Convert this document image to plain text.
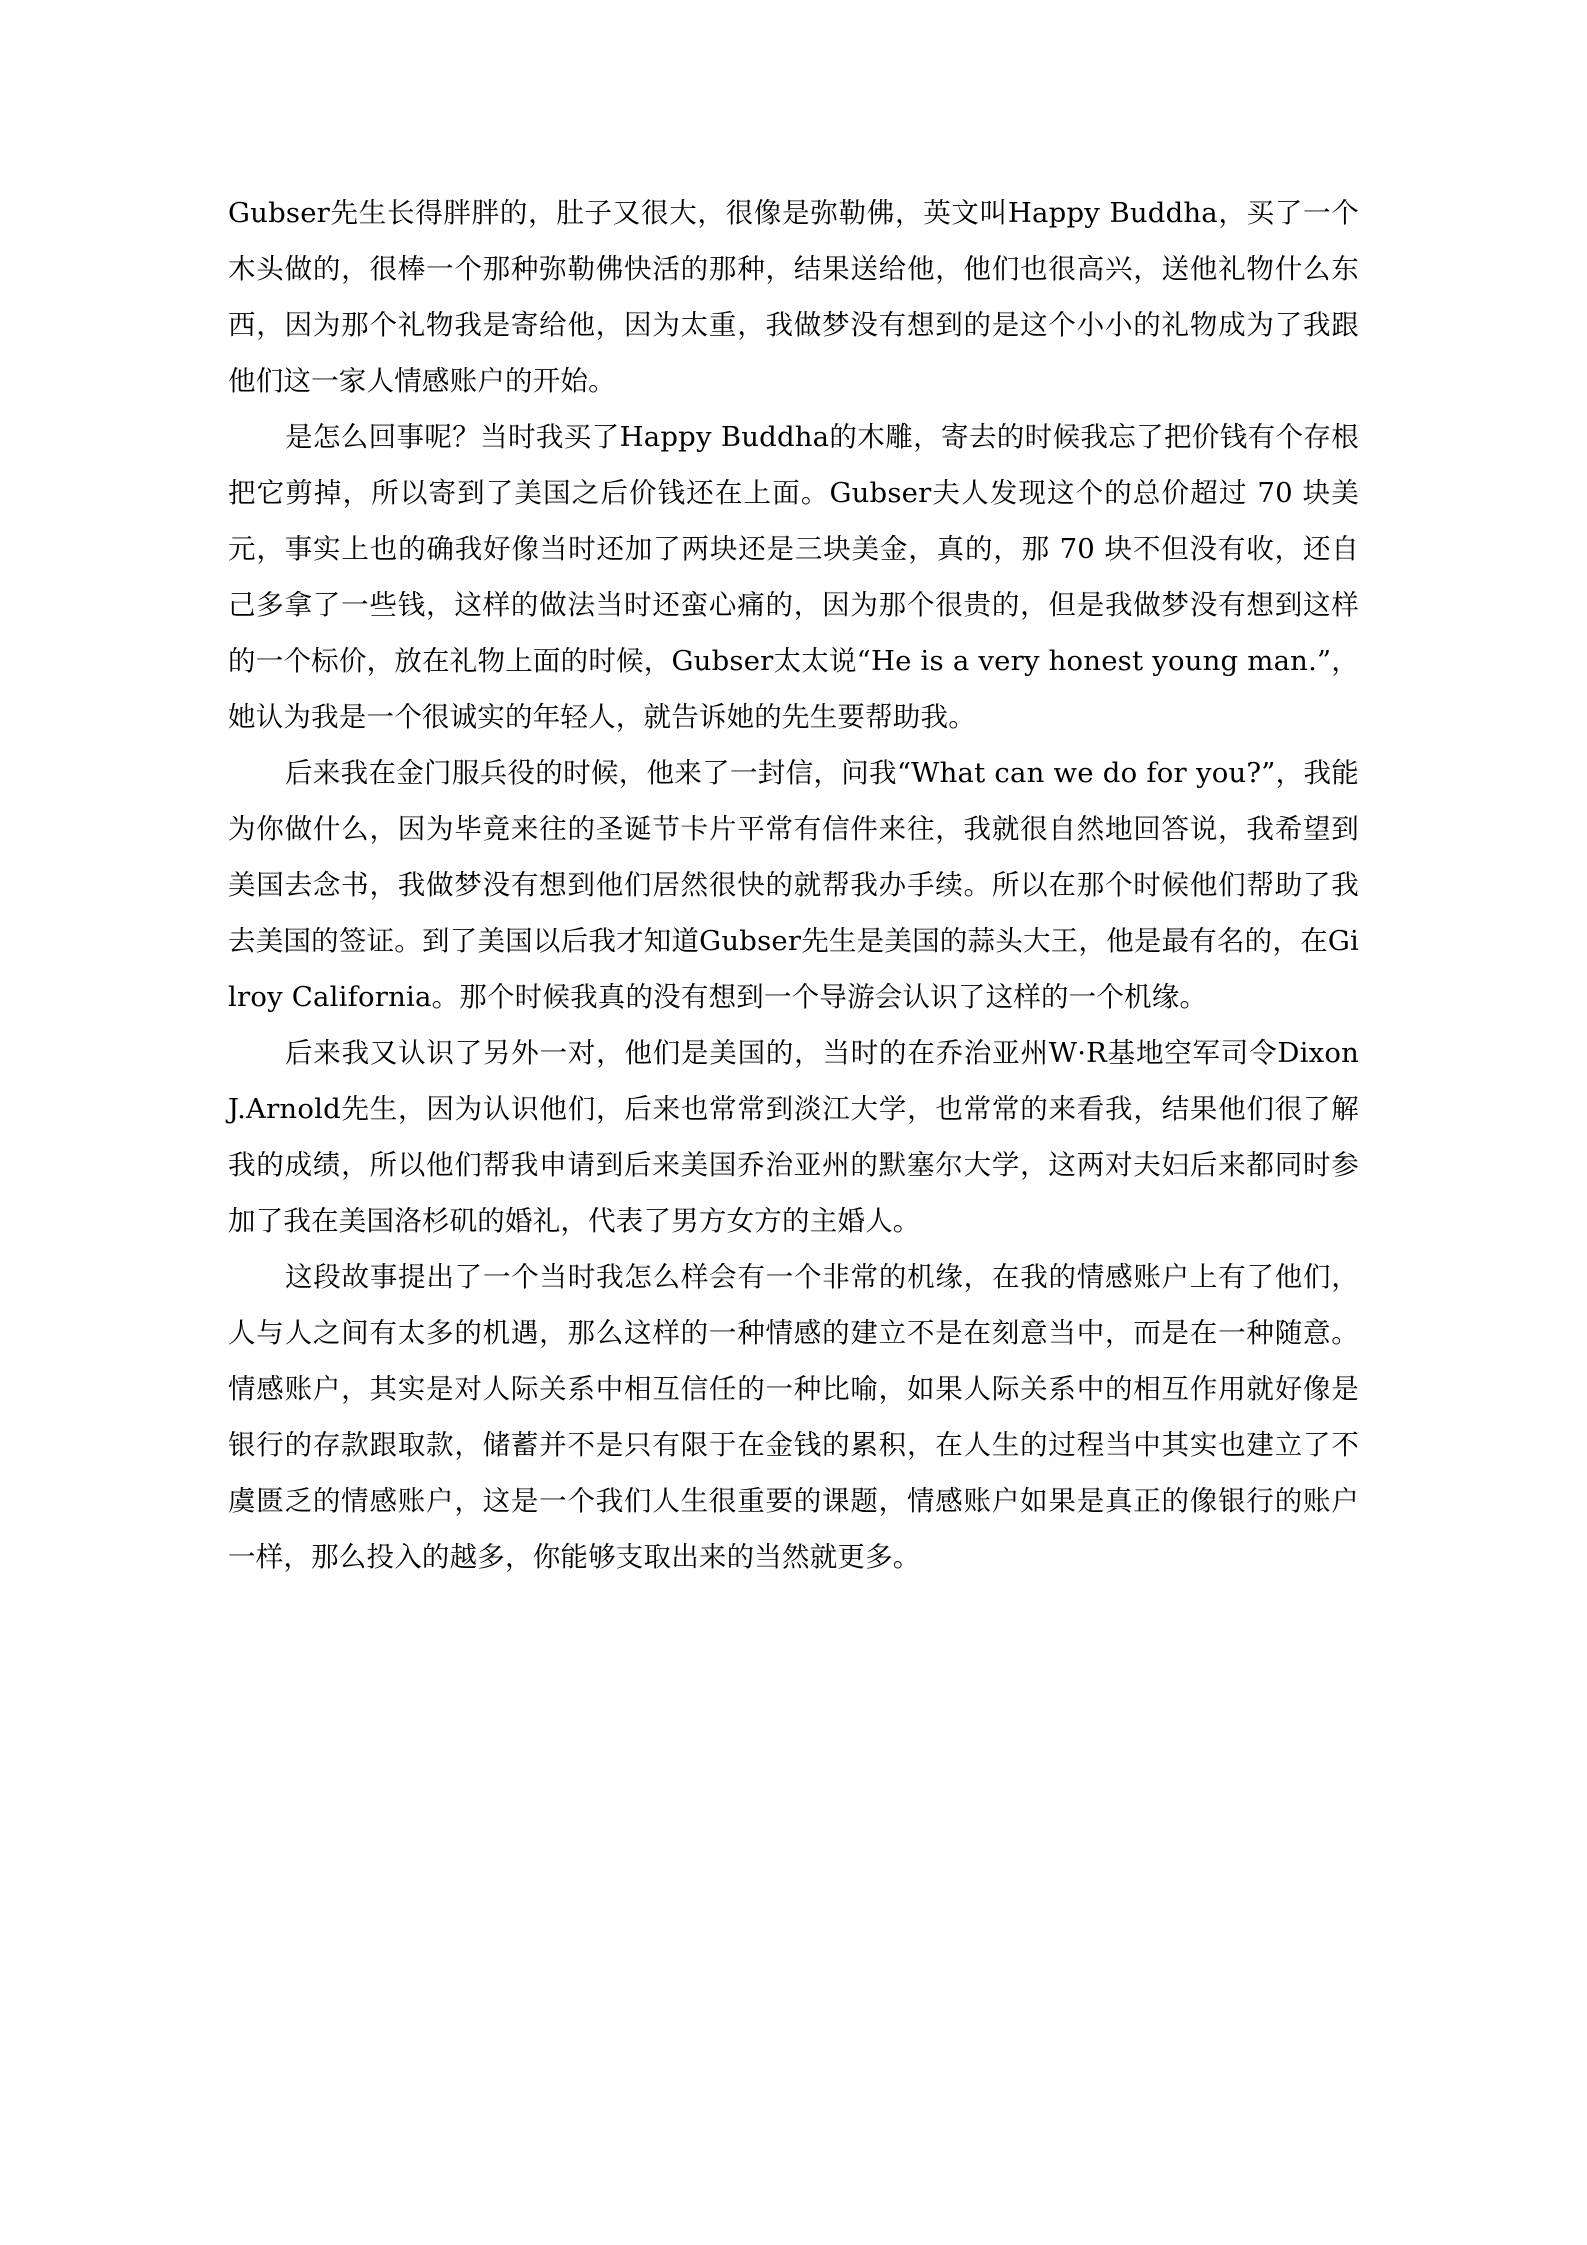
Gubser先生长得胖胖的，肚子又很大，很像是弥勒佛，英文叫Happy Buddha，买了一个木头做的，很棒一个那种弥勒佛快活的那种，结果送给他，他们也很高兴，送他礼物什么东西，因为那个礼物我是寄给他，因为太重，我做梦没有想到的是这个小小的礼物成为了我跟他们这一家人情感账户的开始。

是怎么回事呢？当时我买了Happy Buddha的木雕，寄去的时候我忘了把价钱有个存根把它剪掉，所以寄到了美国之后价钱还在上面。Gubser夫人发现这个的总价超过 70 块美元，事实上也的确我好像当时还加了两块还是三块美金，真的，那 70 块不但没有收，还自己多拿了一些钱，这样的做法当时还蛮心痛的，因为那个很贵的，但是我做梦没有想到这样的一个标价，放在礼物上面的时候，Gubser太太说“He is a very honest young man.”，她认为我是一个很诚实的年轻人，就告诉她的先生要帮助我。

后来我在金门服兵役的时候，他来了一封信，问我“What can we do for you?”，我能为你做什么，因为毕竟来往的圣诞节卡片平常有信件来往，我就很自然地回答说，我希望到美国去念书，我做梦没有想到他们居然很快的就帮我办手续。所以在那个时候他们帮助了我去美国的签证。到了美国以后我才知道Gubser先生是美国的蒜头大王，他是最有名的，在Gilroy California。那个时候我真的没有想到一个导游会认识了这样的一个机缘。

后来我又认识了另外一对，他们是美国的，当时的在乔治亚州W·R基地空军司令Dixon J.Arnold先生，因为认识他们，后来也常常到淡江大学，也常常的来看我，结果他们很了解我的成绩，所以他们帮我申请到后来美国乔治亚州的默塞尔大学，这两对夫妇后来都同时参加了我在美国洛杉矶的婚礼，代表了男方女方的主婚人。

这段故事提出了一个当时我怎么样会有一个非常的机缘，在我的情感账户上有了他们，人与人之间有太多的机遇，那么这样的一种情感的建立不是在刻意当中，而是在一种随意。情感账户，其实是对人际关系中相互信任的一种比喻，如果人际关系中的相互作用就好像是银行的存款跟取款，储蓄并不是只有限于在金钱的累积，在人生的过程当中其实也建立了不虞匮乏的情感账户，这是一个我们人生很重要的课题，情感账户如果是真正的像银行的账户一样，那么投入的越多，你能够支取出来的当然就更多。
